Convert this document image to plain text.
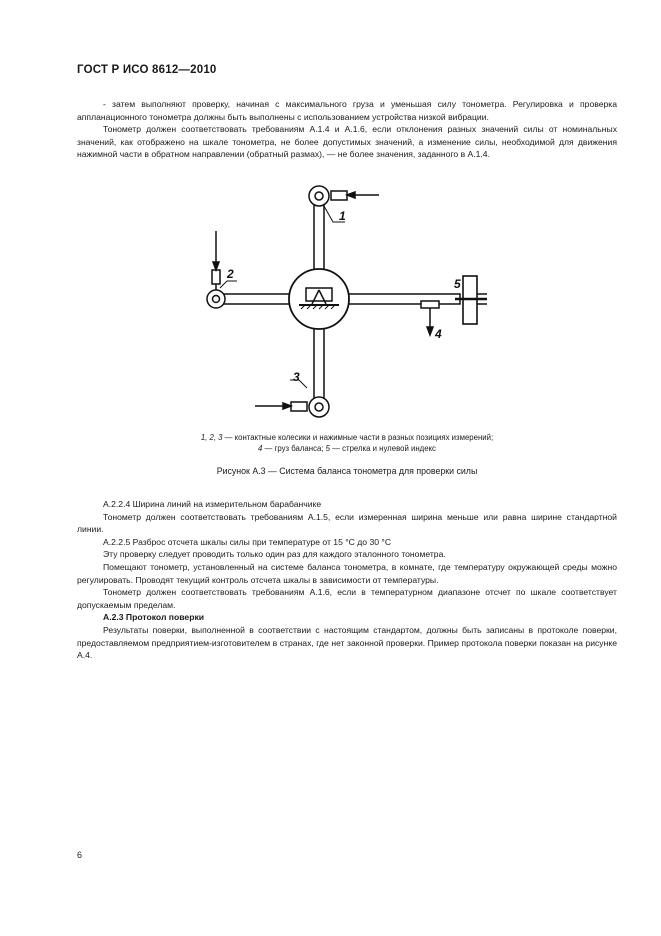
ГОСТ Р ИСО 8612—2010

- затем выполняют проверку, начиная с максимального груза и уменьшая силу тонометра. Регулировка и проверка аппланационного тонометра должны быть выполнены с использованием устройства низкой вибрации.

Тонометр должен соответствовать требованиям А.1.4 и А.1.6, если отклонения разных значений силы от номинальных значений, как отображено на шкале тонометра, не более допустимых значений, а изменение силы, необходимой для движения нажимной части в обратном направлении (обратный размах), — не более значения, заданного в А.1.4.

1
2
3
4
5
1, 2, 3 — контактные колесики и нажимные части в разных позициях измерений;
4 — груз баланса; 5 — стрелка и нулевой индекс
Рисунок А.3 — Система баланса тонометра для проверки силы

А.2.2.4 Ширина линий на измерительном барабанчике

Тонометр должен соответствовать требованиям А.1.5, если измеренная ширина меньше или равна ширине стандартной линии.

А.2.2.5 Разброс отсчета шкалы силы при температуре от 15 °С до 30 °С

Эту проверку следует проводить только один раз для каждого эталонного тонометра.

Помещают тонометр, установленный на системе баланса тонометра, в комнате, где температуру окружающей среды можно регулировать. Проводят текущий контроль отсчета шкалы в зависимости от температуры.

Тонометр должен соответствовать требованиям А.1.6, если в температурном диапазоне отсчет по шкале соответствует допускаемым пределам.

А.2.3 Протокол поверки

Результаты поверки, выполненной в соответствии с настоящим стандартом, должны быть записаны в протоколе поверки, предоставляемом предприятием-изготовителем в странах, где нет законной проверки. Пример протокола поверки показан на рисунке А.4.

6
